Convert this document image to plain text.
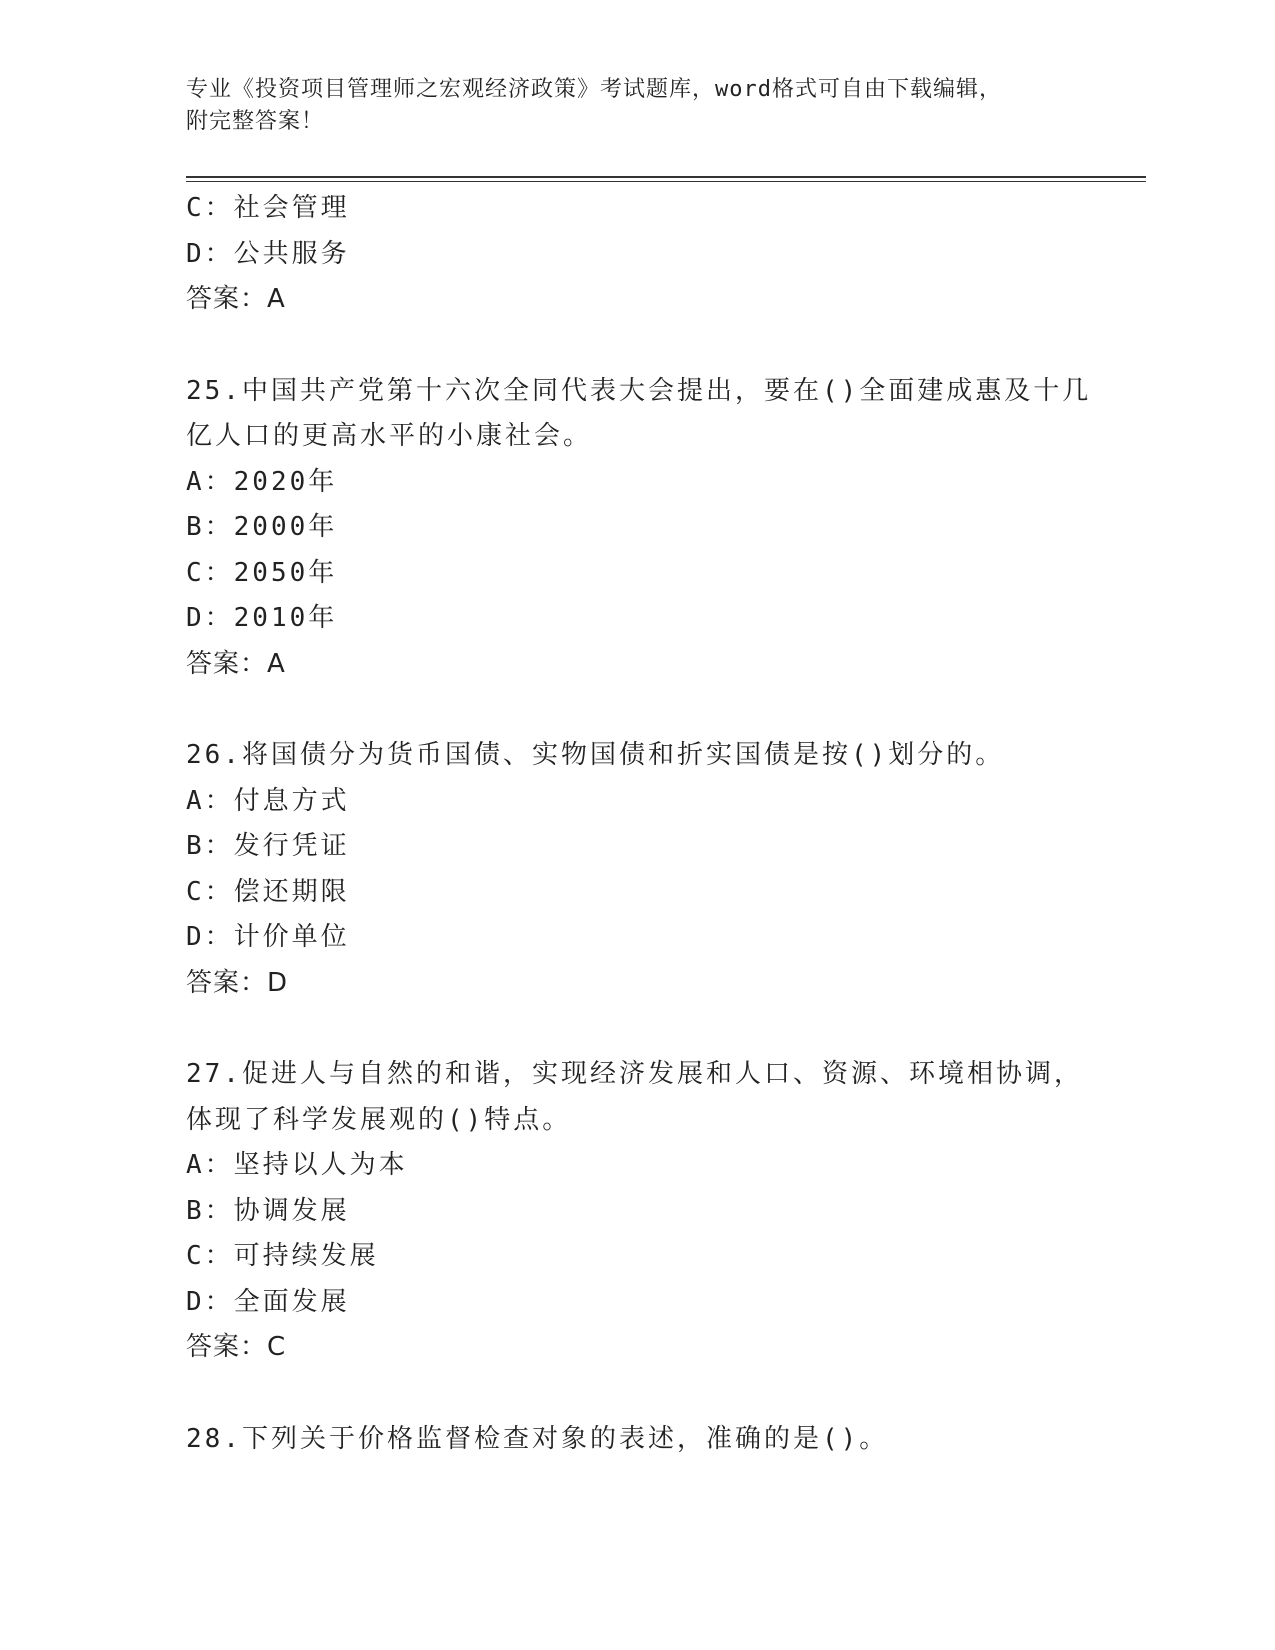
专业《投资项目管理师之宏观经济政策》考试题库，word格式可自由下载编辑，
附完整答案！
C：社会管理
D：公共服务
答案：A
25.中国共产党第十六次全同代表大会提出，要在()全面建成惠及十几
亿人口的更高水平的小康社会。
A：2020年
B：2000年
C：2050年
D：2010年
答案：A
26.将国债分为货币国债、实物国债和折实国债是按()划分的。
A：付息方式
B：发行凭证
C：偿还期限
D：计价单位
答案：D
27.促进人与自然的和谐，实现经济发展和人口、资源、环境相协调，
体现了科学发展观的()特点。
A：坚持以人为本
B：协调发展
C：可持续发展
D：全面发展
答案：C
28.下列关于价格监督检查对象的表述，准确的是()。
